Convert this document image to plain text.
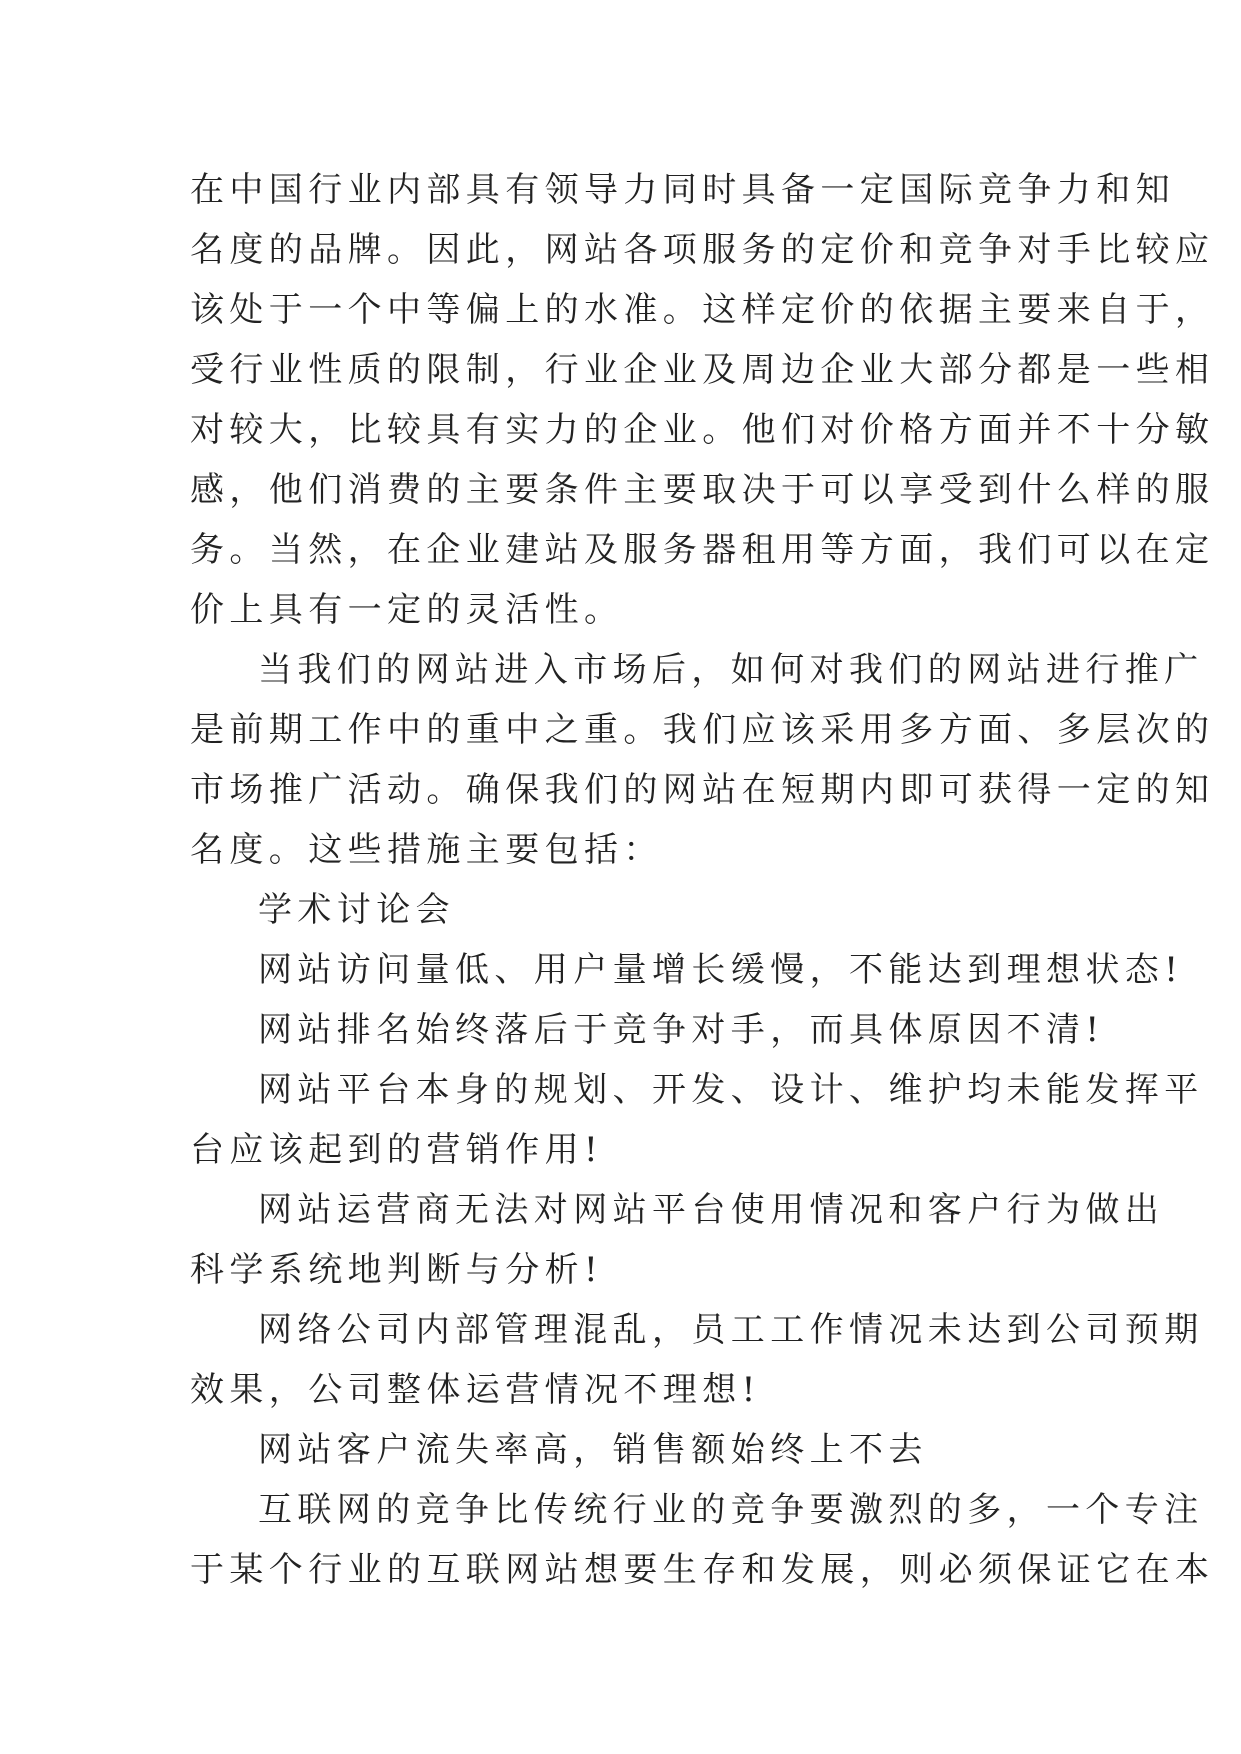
在中国行业内部具有领导力同时具备一定国际竞争力和知
名度的品牌。因此，网站各项服务的定价和竞争对手比较应
该处于一个中等偏上的水准。这样定价的依据主要来自于，
受行业性质的限制，行业企业及周边企业大部分都是一些相
对较大，比较具有实力的企业。他们对价格方面并不十分敏
感，他们消费的主要条件主要取决于可以享受到什么样的服
务。当然，在企业建站及服务器租用等方面，我们可以在定
价上具有一定的灵活性。
当我们的网站进入市场后，如何对我们的网站进行推广
是前期工作中的重中之重。我们应该采用多方面、多层次的
市场推广活动。确保我们的网站在短期内即可获得一定的知
名度。这些措施主要包括：
学术讨论会
网站访问量低、用户量增长缓慢，不能达到理想状态!
网站排名始终落后于竞争对手，而具体原因不清!
网站平台本身的规划、开发、设计、维护均未能发挥平
台应该起到的营销作用!
网站运营商无法对网站平台使用情况和客户行为做出
科学系统地判断与分析!
网络公司内部管理混乱，员工工作情况未达到公司预期
效果，公司整体运营情况不理想!
网站客户流失率高，销售额始终上不去
互联网的竞争比传统行业的竞争要激烈的多，一个专注
于某个行业的互联网站想要生存和发展，则必须保证它在本
